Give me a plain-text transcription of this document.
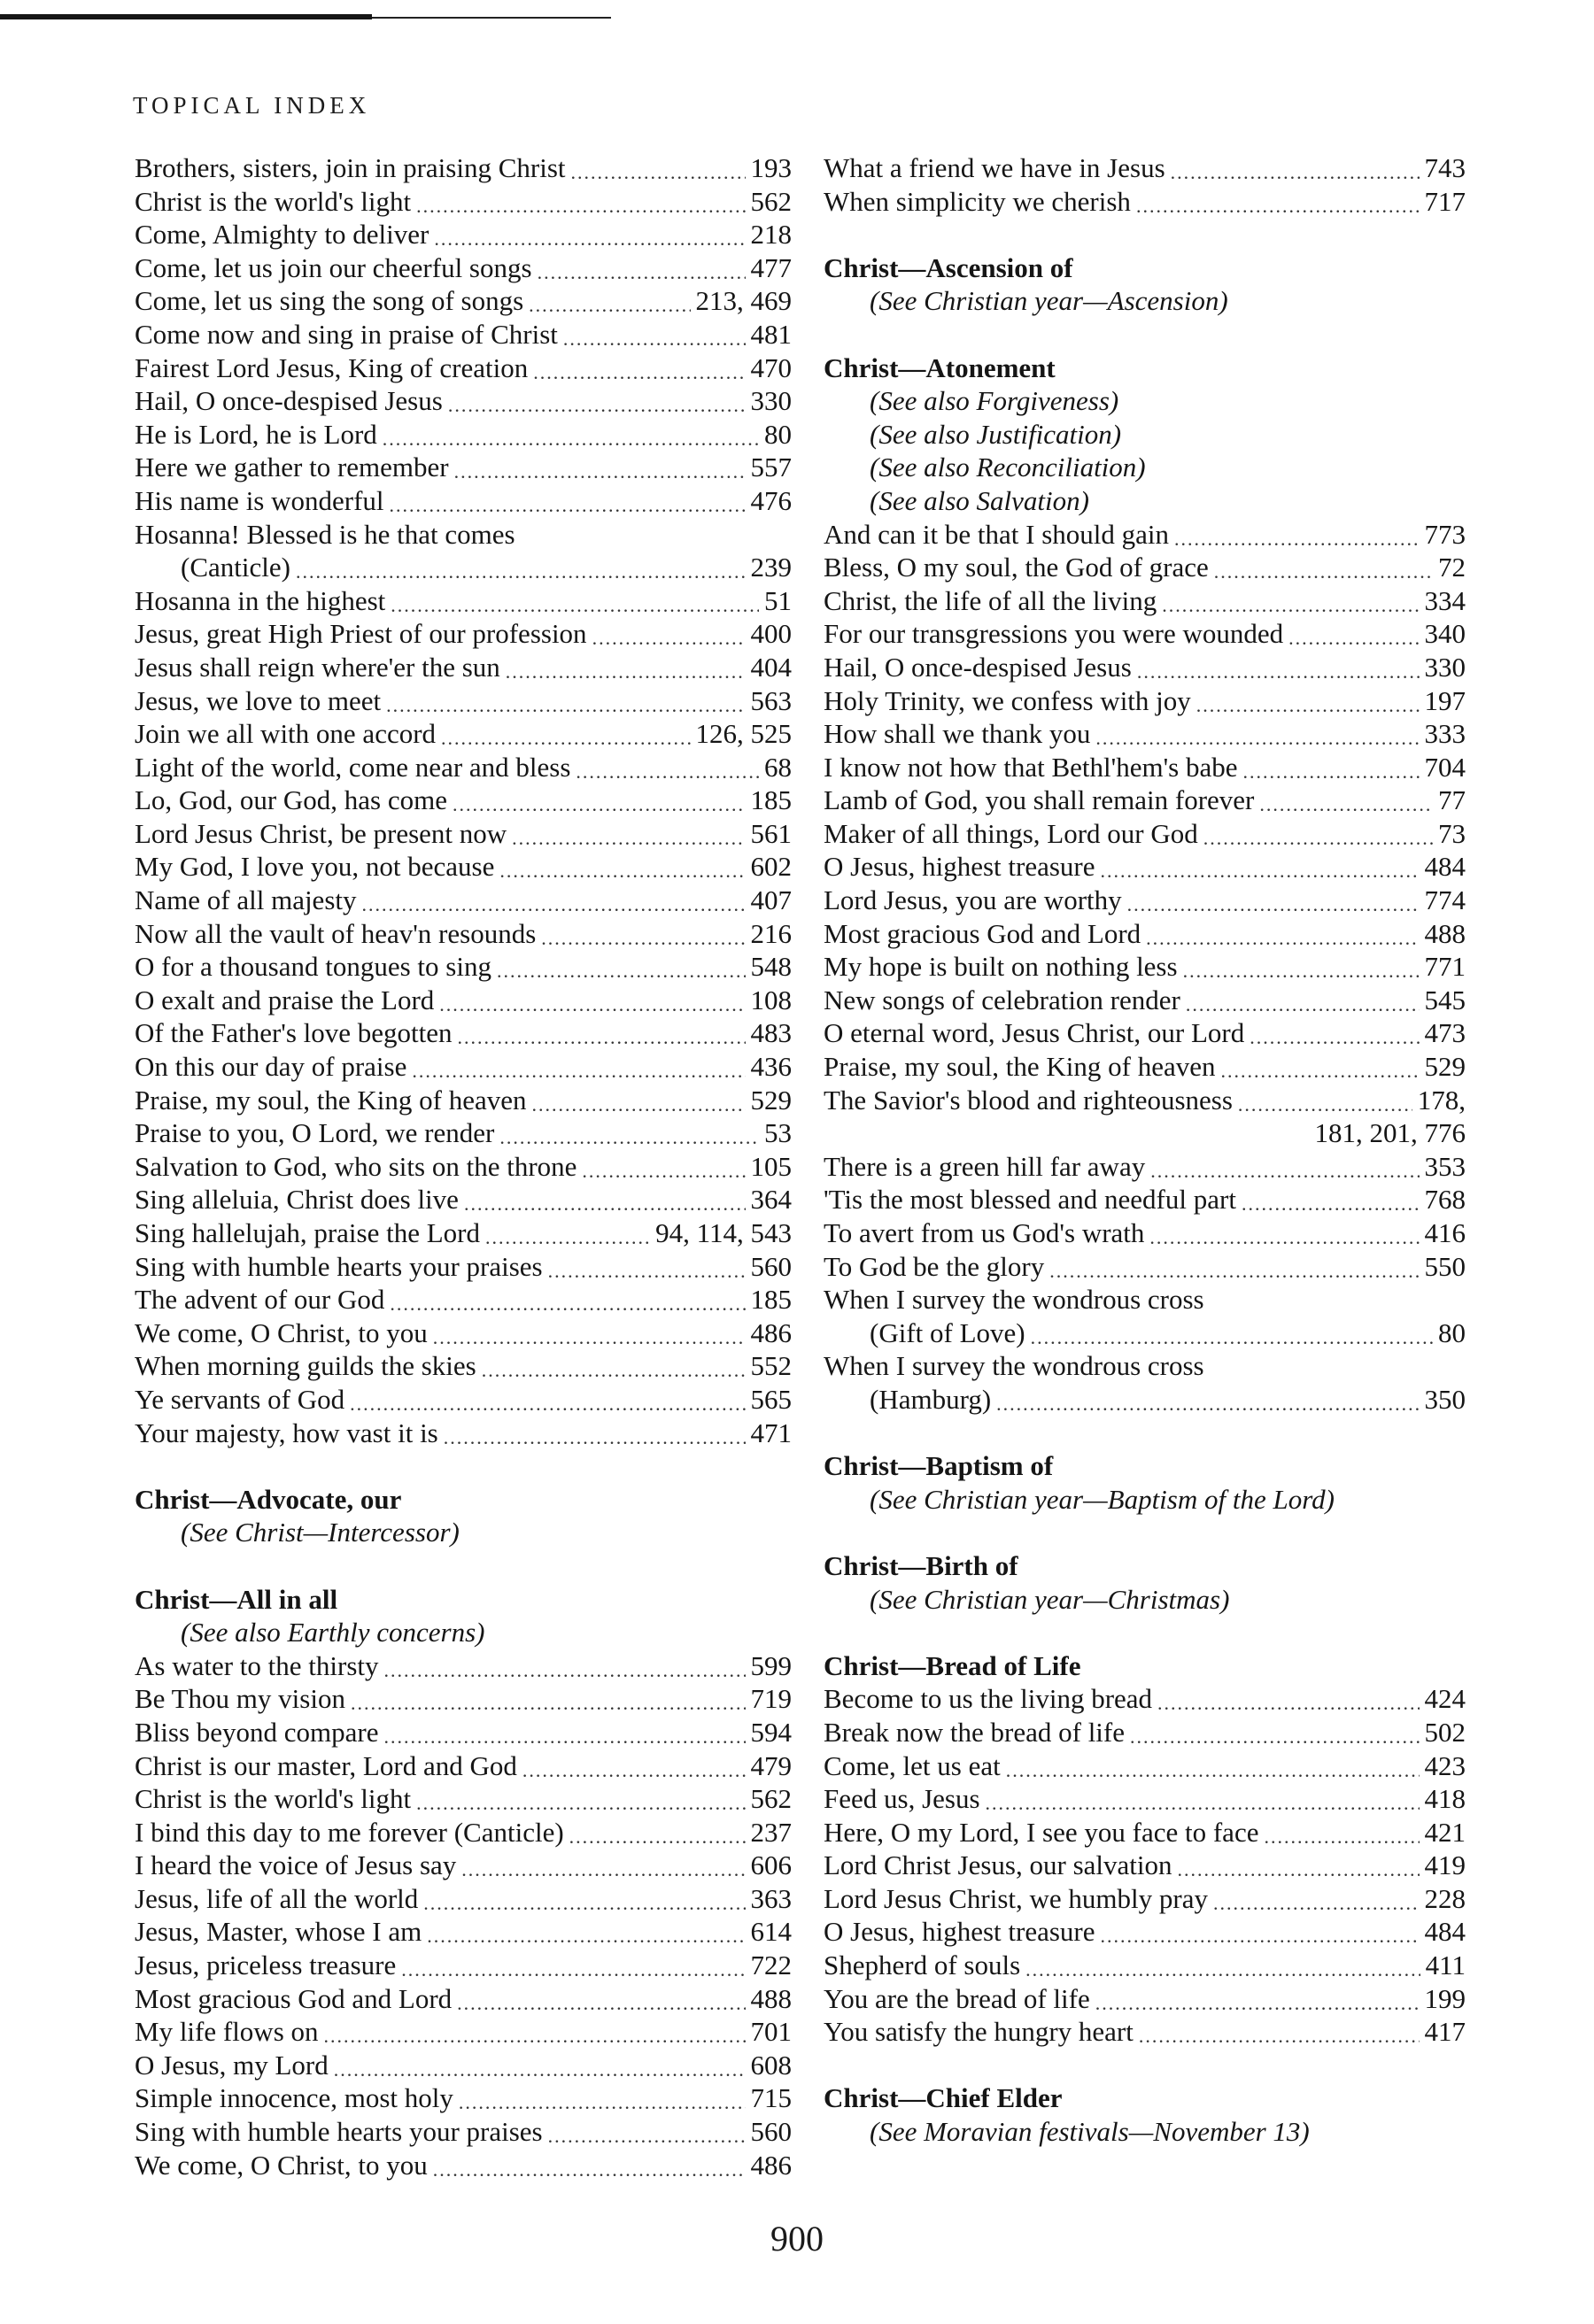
TOPICAL INDEX
Brothers, sisters, join in praising Christ .....	193
Christ is the world's light .....	562
Come, Almighty to deliver .....	218
Come, let us join our cheerful songs .....	477
Come, let us sing the song of songs .....	213, 469
Come now and sing in praise of Christ .....	481
Fairest Lord Jesus, King of creation .....	470
Hail, O once-despised Jesus .....	330
He is Lord, he is Lord .....	80
Here we gather to remember .....	557
His name is wonderful .....	476
Hosanna! Blessed is he that comes
(Canticle) .....	239
Hosanna in the highest .....	51
Jesus, great High Priest of our profession .....	400
Jesus shall reign where'er the sun .....	404
Jesus, we love to meet .....	563
Join we all with one accord .....	126, 525
Light of the world, come near and bless .....	68
Lo, God, our God, has come .....	185
Lord Jesus Christ, be present now .....	561
My God, I love you, not because .....	602
Name of all majesty .....	407
Now all the vault of heav'n resounds .....	216
O for a thousand tongues to sing .....	548
O exalt and praise the Lord .....	108
Of the Father's love begotten .....	483
On this our day of praise .....	436
Praise, my soul, the King of heaven .....	529
Praise to you, O Lord, we render .....	53
Salvation to God, who sits on the throne .....	105
Sing alleluia, Christ does live .....	364
Sing hallelujah, praise the Lord .....	94, 114, 543
Sing with humble hearts your praises .....	560
The advent of our God .....	185
We come, O Christ, to you .....	486
When morning guilds the skies .....	552
Ye servants of God .....	565
Your majesty, how vast it is .....	471
Christ—Advocate, our
(See Christ—Intercessor)
Christ—All in all
(See also Earthly concerns)
As water to the thirsty .....	599
Be Thou my vision .....	719
Bliss beyond compare .....	594
Christ is our master, Lord and God .....	479
Christ is the world's light .....	562
I bind this day to me forever (Canticle) .....	237
I heard the voice of Jesus say .....	606
Jesus, life of all the world .....	363
Jesus, Master, whose I am .....	614
Jesus, priceless treasure .....	722
Most gracious God and Lord .....	488
My life flows on .....	701
O Jesus, my Lord .....	608
Simple innocence, most holy .....	715
Sing with humble hearts your praises .....	560
We come, O Christ, to you .....	486
What a friend we have in Jesus .....	743
When simplicity we cherish .....	717
Christ—Ascension of
(See Christian year—Ascension)
Christ—Atonement
(See also Forgiveness)
(See also Justification)
(See also Reconciliation)
(See also Salvation)
And can it be that I should gain .....	773
Bless, O my soul, the God of grace .....	72
Christ, the life of all the living .....	334
For our transgressions you were wounded .....	340
Hail, O once-despised Jesus .....	330
Holy Trinity, we confess with joy .....	197
How shall we thank you .....	333
I know not how that Bethl'hem's babe .....	704
Lamb of God, you shall remain forever .....	77
Maker of all things, Lord our God .....	73
O Jesus, highest treasure .....	484
Lord Jesus, you are worthy .....	774
Most gracious God and Lord .....	488
My hope is built on nothing less .....	771
New songs of celebration render .....	545
O eternal word, Jesus Christ, our Lord .....	473
Praise, my soul, the King of heaven .....	529
The Savior's blood and righteousness .....	178,
181, 201, 776
There is a green hill far away .....	353
'Tis the most blessed and needful part .....	768
To avert from us God's wrath .....	416
To God be the glory .....	550
When I survey the wondrous cross
(Gift of Love) .....	80
When I survey the wondrous cross
(Hamburg) .....	350
Christ—Baptism of
(See Christian year—Baptism of the Lord)
Christ—Birth of
(See Christian year—Christmas)
Christ—Bread of Life
Become to us the living bread .....	424
Break now the bread of life .....	502
Come, let us eat .....	423
Feed us, Jesus .....	418
Here, O my Lord, I see you face to face .....	421
Lord Christ Jesus, our salvation .....	419
Lord Jesus Christ, we humbly pray .....	228
O Jesus, highest treasure .....	484
Shepherd of souls .....	411
You are the bread of life .....	199
You satisfy the hungry heart .....	417
Christ—Chief Elder
(See Moravian festivals—November 13)
900
